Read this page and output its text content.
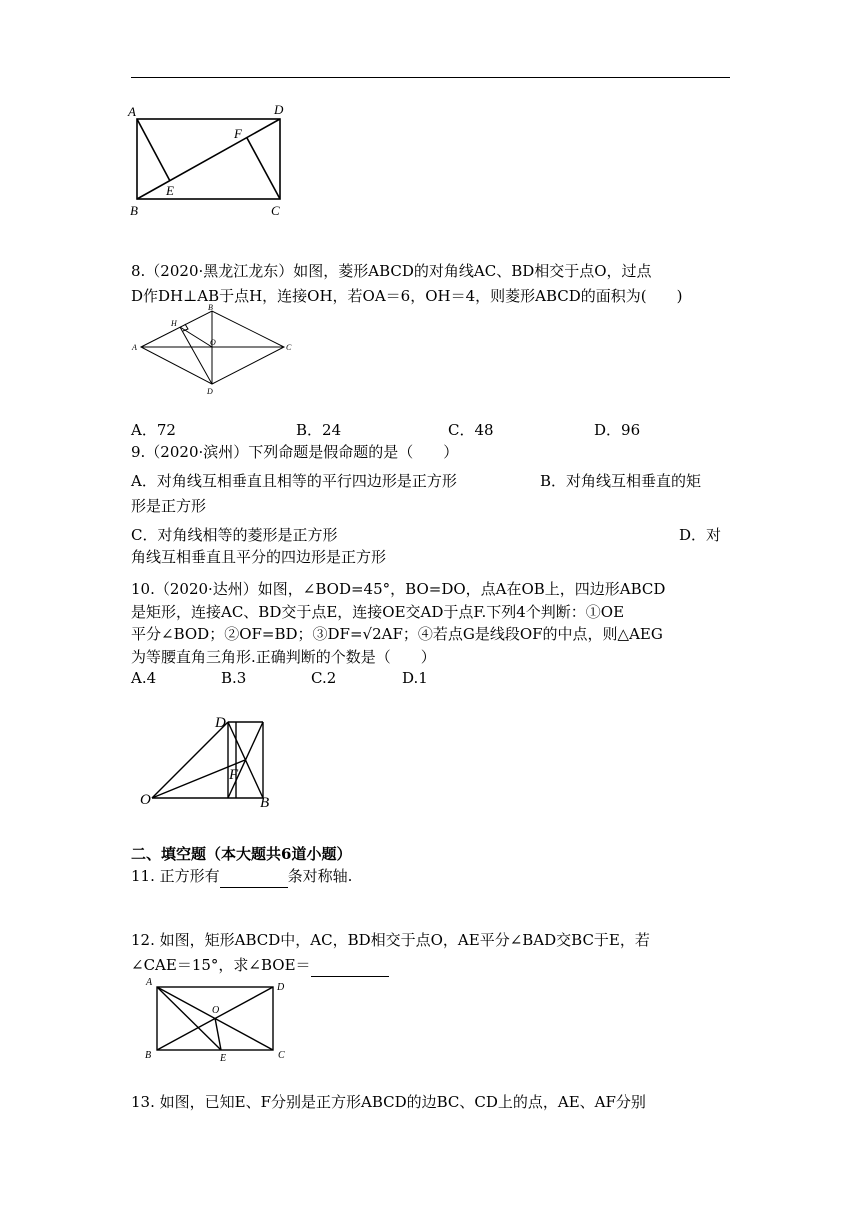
A	D
F
E
B	C
8.（2020·黑龙江龙东）如图，菱形ABCD的对角线AC、BD相交于点O，过点
D作DH⊥AB于点H，连接OH，若OA＝6，OH＝4，则菱形ABCD的面积为(　　)
H
B
A
O
C
D
A．72	B．24	C．48	D．96
9.（2020·滨州）下列命题是假命题的是（　　）
A．对角线互相垂直且相等的平行四边形是正方形	B．对角线互相垂直的矩
形是正方形
C．对角线相等的菱形是正方形	D．对
角线互相垂直且平分的四边形是正方形
10.（2020·达州）如图，∠BOD=45°，BO=DO，点A在OB上，四边形ABCD
是矩形，连接AC、BD交于点E，连接OE交AD于点F.下列4个判断：①OE
平分∠BOD；②OF=BD；③DF=√2AF；④若点G是线段OF的中点，则△AEG
为等腰直角三角形.正确判断的个数是（　　）
A.4	B.3	C.2	D.1
D
F
O	B
二、填空题（本大题共6道小题）
11. 正方形有	条对称轴.
12. 如图，矩形ABCD中，AC，BD相交于点O，AE平分∠BAD交BC于E，若
∠CAE＝15°，求∠BOE＝
A	D
O
B	E	C
13. 如图，已知E、F分别是正方形ABCD的边BC、CD上的点，AE、AF分别
